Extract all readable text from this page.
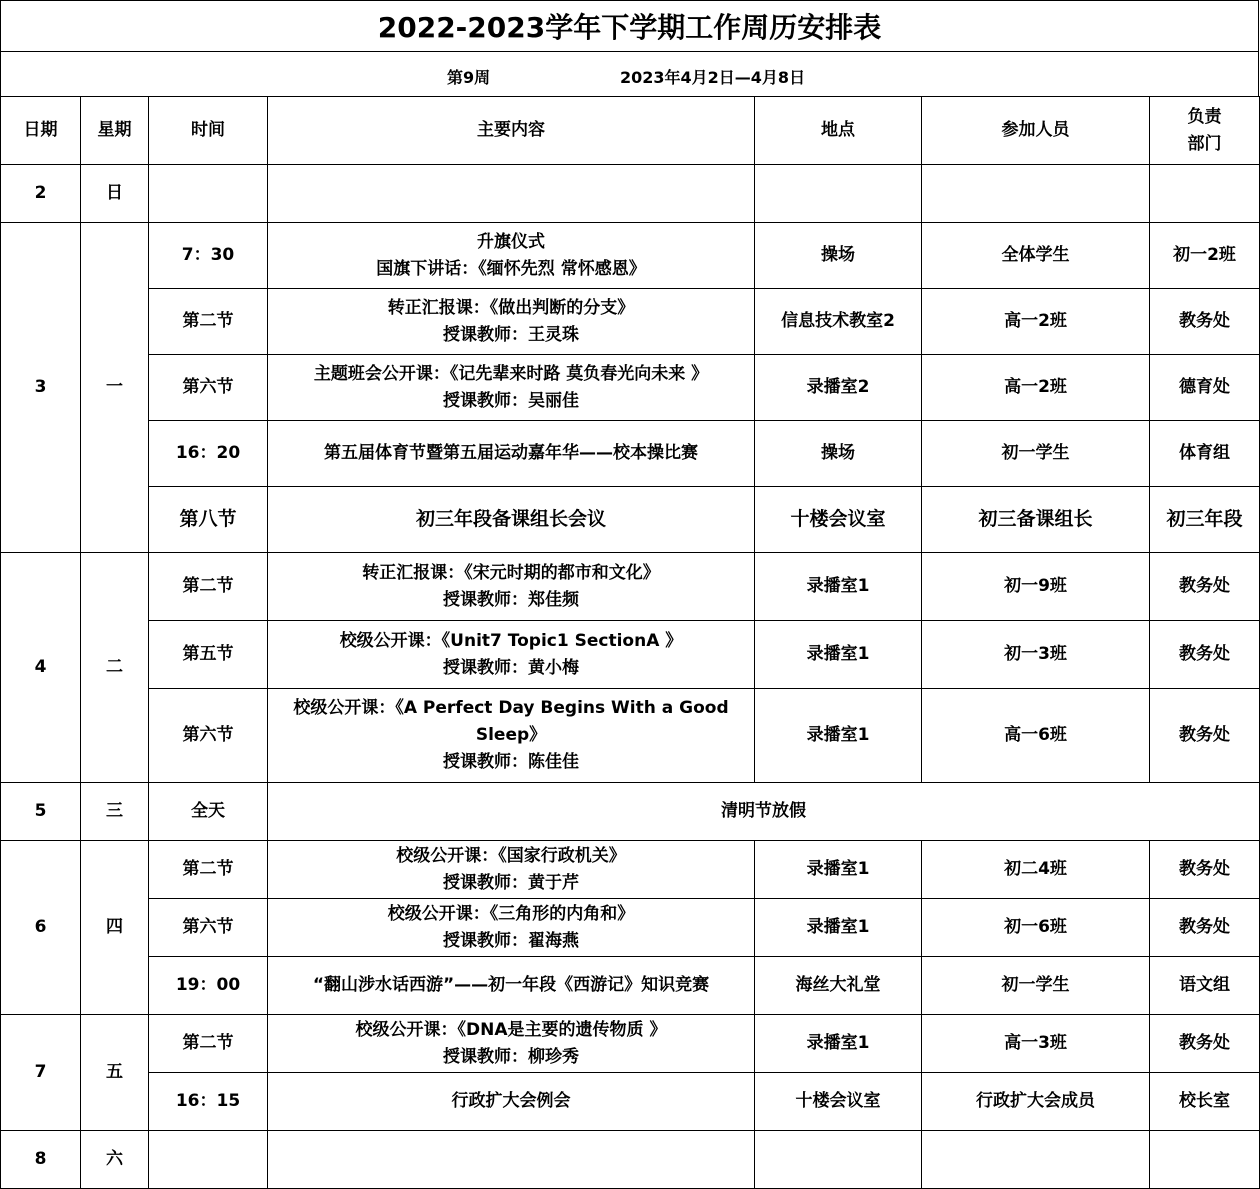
2022-2023学年下学期工作周历安排表
第9周	2023年4月2日—4月8日
日期	星期	时间	主要内容	地点	参加人员	负责
部门

2	日					
3	一	7：30	升旗仪式
国旗下讲话：《缅怀先烈 常怀感恩》	操场	全体学生	初一2班
		第二节	转正汇报课：《做出判断的分支》
授课教师：王灵珠	信息技术教室2	高一2班	教务处
		第六节	主题班会公开课：《记先辈来时路 莫负春光向未来 》
授课教师：吴丽佳	录播室2	高一2班	德育处
		16：20	第五届体育节暨第五届运动嘉年华——校本操比赛	操场	初一学生	体育组
		第八节	初三年段备课组长会议	十楼会议室	初三备课组长	初三年段
4	二	第二节	转正汇报课：《宋元时期的都市和文化》
授课教师：郑佳频	录播室1	初一9班	教务处
		第五节	校级公开课：《Unit7 Topic1 SectionA 》
授课教师：黄小梅	录播室1	初一3班	教务处
		第六节	校级公开课：《A Perfect Day Begins With a Good
Sleep》
授课教师：陈佳佳	录播室1	高一6班	教务处
5	三	全天	清明节放假			
6	四	第二节	校级公开课：《国家行政机关》
授课教师：黄于芹	录播室1	初二4班	教务处
		第六节	校级公开课：《三角形的内角和》
授课教师：翟海燕	录播室1	初一6班	教务处
		19：00	“翻山涉水话西游”——初一年段《西游记》知识竞赛	海丝大礼堂	初一学生	语文组
7	五	第二节	校级公开课：《DNA是主要的遗传物质 》
授课教师：柳珍秀	录播室1	高一3班	教务处
		16：15	行政扩大会例会	十楼会议室	行政扩大会成员	校长室
8	六					
